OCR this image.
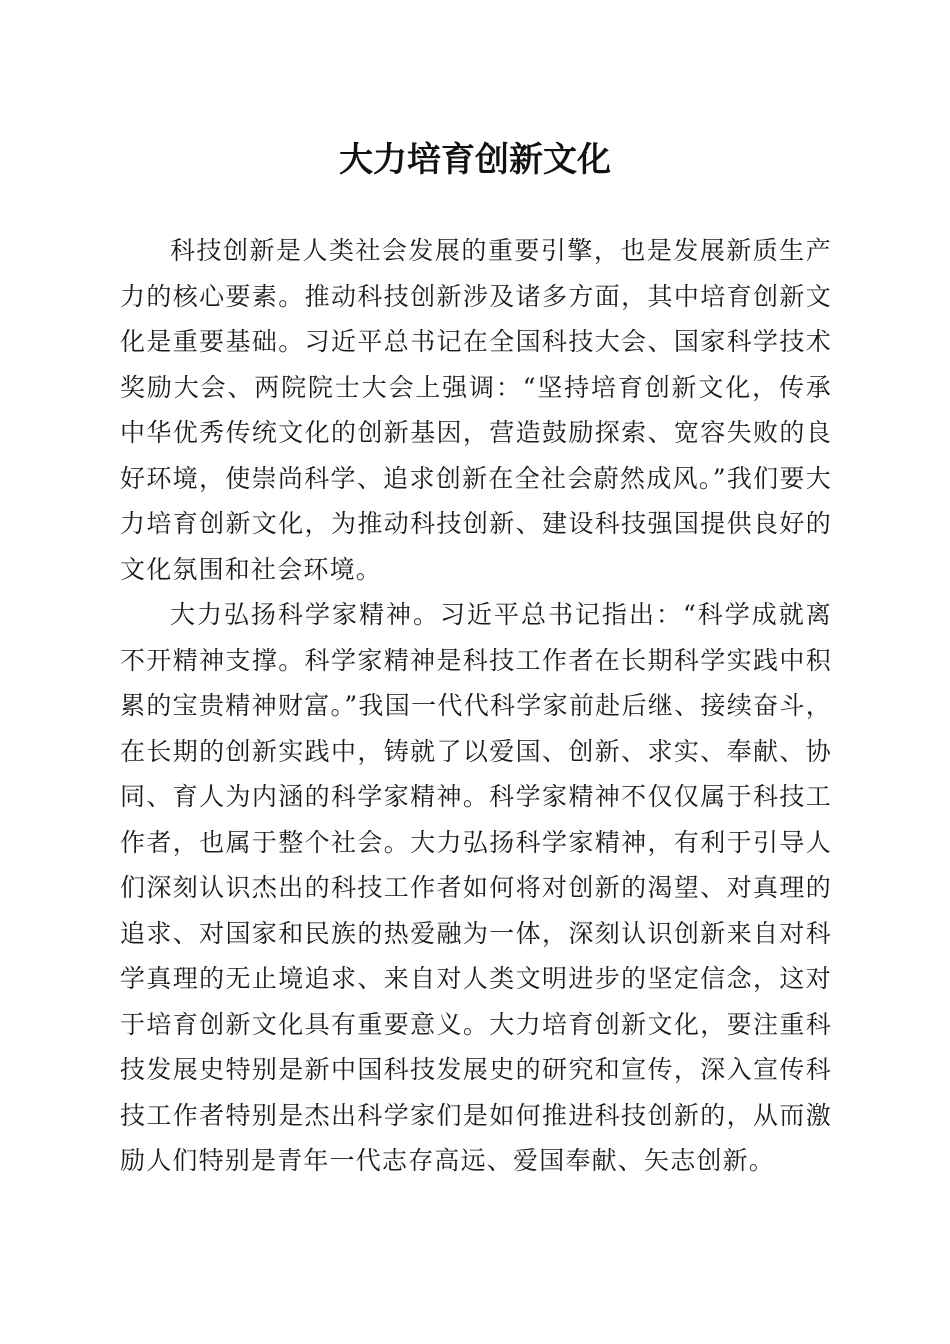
大力培育创新文化

科技创新是人类社会发展的重要引擎，也是发展新质生产力的核心要素。推动科技创新涉及诸多方面，其中培育创新文化是重要基础。习近平总书记在全国科技大会、国家科学技术奖励大会、两院院士大会上强调：“坚持培育创新文化，传承中华优秀传统文化的创新基因，营造鼓励探索、宽容失败的良好环境，使崇尚科学、追求创新在全社会蔚然成风。”我们要大力培育创新文化，为推动科技创新、建设科技强国提供良好的文化氛围和社会环境。

大力弘扬科学家精神。习近平总书记指出：“科学成就离不开精神支撑。科学家精神是科技工作者在长期科学实践中积累的宝贵精神财富。”我国一代代科学家前赴后继、接续奋斗，在长期的创新实践中，铸就了以爱国、创新、求实、奉献、协同、育人为内涵的科学家精神。科学家精神不仅仅属于科技工作者，也属于整个社会。大力弘扬科学家精神，有利于引导人们深刻认识杰出的科技工作者如何将对创新的渴望、对真理的追求、对国家和民族的热爱融为一体，深刻认识创新来自对科学真理的无止境追求、来自对人类文明进步的坚定信念，这对于培育创新文化具有重要意义。大力培育创新文化，要注重科技发展史特别是新中国科技发展史的研究和宣传，深入宣传科技工作者特别是杰出科学家们是如何推进科技创新的，从而激励人们特别是青年一代志存高远、爱国奉献、矢志创新。
